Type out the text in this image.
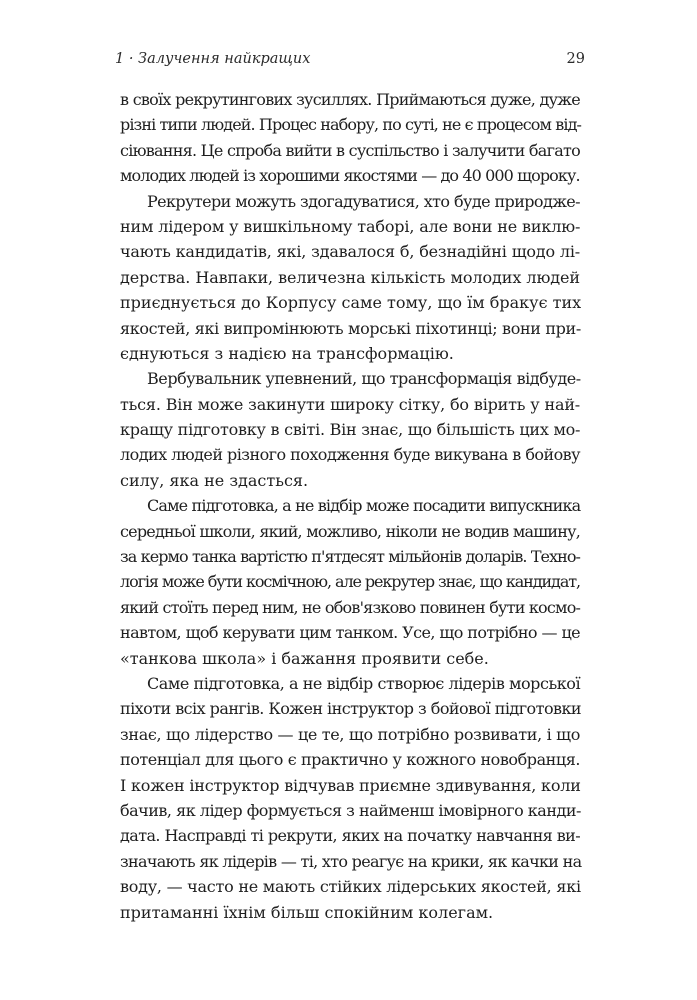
1 · Залучення найкращих	29
в своїх рекрутингових зусиллях. Приймаються дуже, дуже
різні типи людей. Процес набору, по суті, не є процесом від-
сіювання. Це спроба вийти в суспільство і залучити багато
молодих людей із хорошими якостями — до 40 000 щороку.
Рекрутери можуть здогадуватися, хто буде природже-
ним лідером у вишкільному таборі, але вони не виклю-
чають кандидатів, які, здавалося б, безнадійні щодо лі-
дерства. Навпаки, величезна кількість молодих людей
приєднується до Корпусу саме тому, що їм бракує тих
якостей, які випромінюють морські піхотинці; вони при-
єднуються з надією на трансформацію.
Вербувальник упевнений, що трансформація відбуде-
ться. Він може закинути широку сітку, бо вірить у най-
кращу підготовку в світі. Він знає, що більшість цих мо-
лодих людей різного походження буде викувана в бойову
силу, яка не здасться.
Саме підготовка, а не відбір може посадити випускника
середньої школи, який, можливо, ніколи не водив машину,
за кермо танка вартістю п'ятдесят мільйонів доларів. Техно-
логія може бути космічною, але рекрутер знає, що кандидат,
який стоїть перед ним, не обов'язково повинен бути космо-
навтом, щоб керувати цим танком. Усе, що потрібно — це
«танкова школа» і бажання проявити себе.
Саме підготовка, а не відбір створює лідерів морської
піхоти всіх рангів. Кожен інструктор з бойової підготовки
знає, що лідерство — це те, що потрібно розвивати, і що
потенціал для цього є практично у кожного новобранця.
І кожен інструктор відчував приємне здивування, коли
бачив, як лідер формується з найменш імовірного канди-
дата. Насправді ті рекрути, яких на початку навчання ви-
значають як лідерів — ті, хто реагує на крики, як качки на
воду, — часто не мають стійких лідерських якостей, які
притаманні їхнім більш спокійним колегам.
